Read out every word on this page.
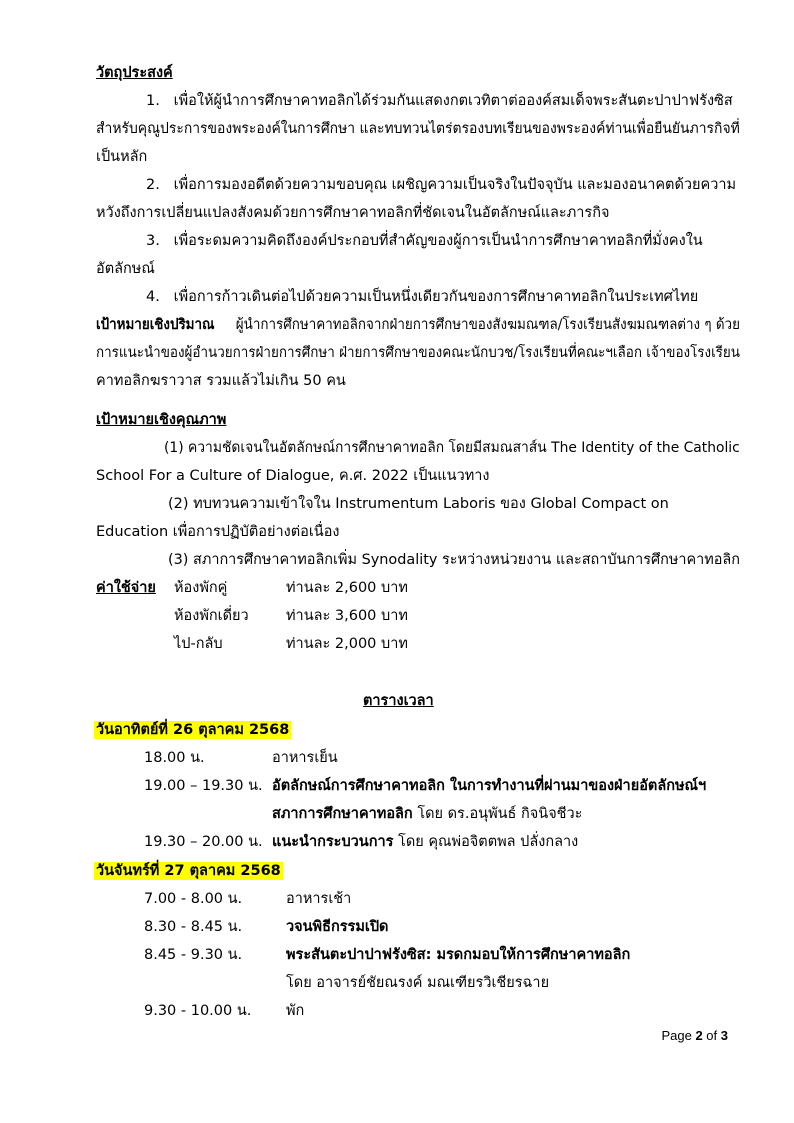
วัตถุประสงค์
1. เพื่อให้ผู้นำการศึกษาคาทอลิกได้ร่วมกันแสดงกตเวทิตาต่อองค์สมเด็จพระสันตะปาปาฟรังซิส
สำหรับคุณูประการของพระองค์ในการศึกษา และทบทวนไตร่ตรองบทเรียนของพระองค์ท่านเพื่อยืนยันภารกิจที่
เป็นหลัก
2. เพื่อการมองอดีตด้วยความขอบคุณ เผชิญความเป็นจริงในปัจจุบัน และมองอนาคตด้วยความ
หวังถึงการเปลี่ยนแปลงสังคมด้วยการศึกษาคาทอลิกที่ชัดเจนในอัตลักษณ์และภารกิจ
3. เพื่อระดมความคิดถึงองค์ประกอบที่สำคัญของผู้การเป็นนำการศึกษาคาทอลิกที่มั่งคงใน
อัตลักษณ์
4. เพื่อการก้าวเดินต่อไปด้วยความเป็นหนึ่งเดียวกันของการศึกษาคาทอลิกในประเทศไทย
เป้าหมายเชิงปริมาณ ผู้นำการศึกษาคาทอลิกจากฝ่ายการศึกษาของสังฆมณฑล/โรงเรียนสังฆมณฑลต่าง ๆ ด้วย
การแนะนำของผู้อำนวยการฝ่ายการศึกษา ฝ่ายการศึกษาของคณะนักบวช/โรงเรียนที่คณะฯเลือก เจ้าของโรงเรียน
คาทอลิกฆราวาส รวมแล้วไม่เกิน 50 คน
เป้าหมายเชิงคุณภาพ
(1) ความชัดเจนในอัตลักษณ์การศึกษาคาทอลิก โดยมีสมณสาส์น The Identity of the Catholic
School For a Culture of Dialogue, ค.ศ. 2022 เป็นแนวทาง
(2) ทบทวนความเข้าใจใน Instrumentum Laboris ของ Global Compact on
Education เพื่อการปฏิบัติอย่างต่อเนื่อง
(3) สภาการศึกษาคาทอลิกเพิ่ม Synodality ระหว่างหน่วยงาน และสถาบันการศึกษาคาทอลิก
ค่าใช้จ่าย ห้องพักคู่	ท่านละ 2,600 บาท
ห้องพักเดี่ยว	ท่านละ 3,600 บาท
ไป-กลับ	ท่านละ 2,000 บาท
ตารางเวลา
วันอาทิตย์ที่ 26 ตุลาคม 2568
18.00 น.	อาหารเย็น
19.00 – 19.30 น. อัตลักษณ์การศึกษาคาทอลิก ในการทำงานที่ผ่านมาของฝ่ายอัตลักษณ์ฯ
สภาการศึกษาคาทอลิก โดย ดร.อนุพันธ์ กิจนิจชีวะ
19.30 – 20.00 น. แนะนำกระบวนการ โดย คุณพ่อจิตตพล ปลั่งกลาง
วันจันทร์ที่ 27 ตุลาคม 2568
7.00 - 8.00 น.	อาหารเช้า
8.30 - 8.45 น.	วจนพิธีกรรมเปิด
8.45 - 9.30 น.	พระสันตะปาปาฟรังซิส: มรดกมอบให้การศึกษาคาทอลิก
โดย อาจารย์ชัยณรงค์ มณเฑียรวิเชียรฉาย
9.30 - 10.00 น. พัก
Page 2 of 3
